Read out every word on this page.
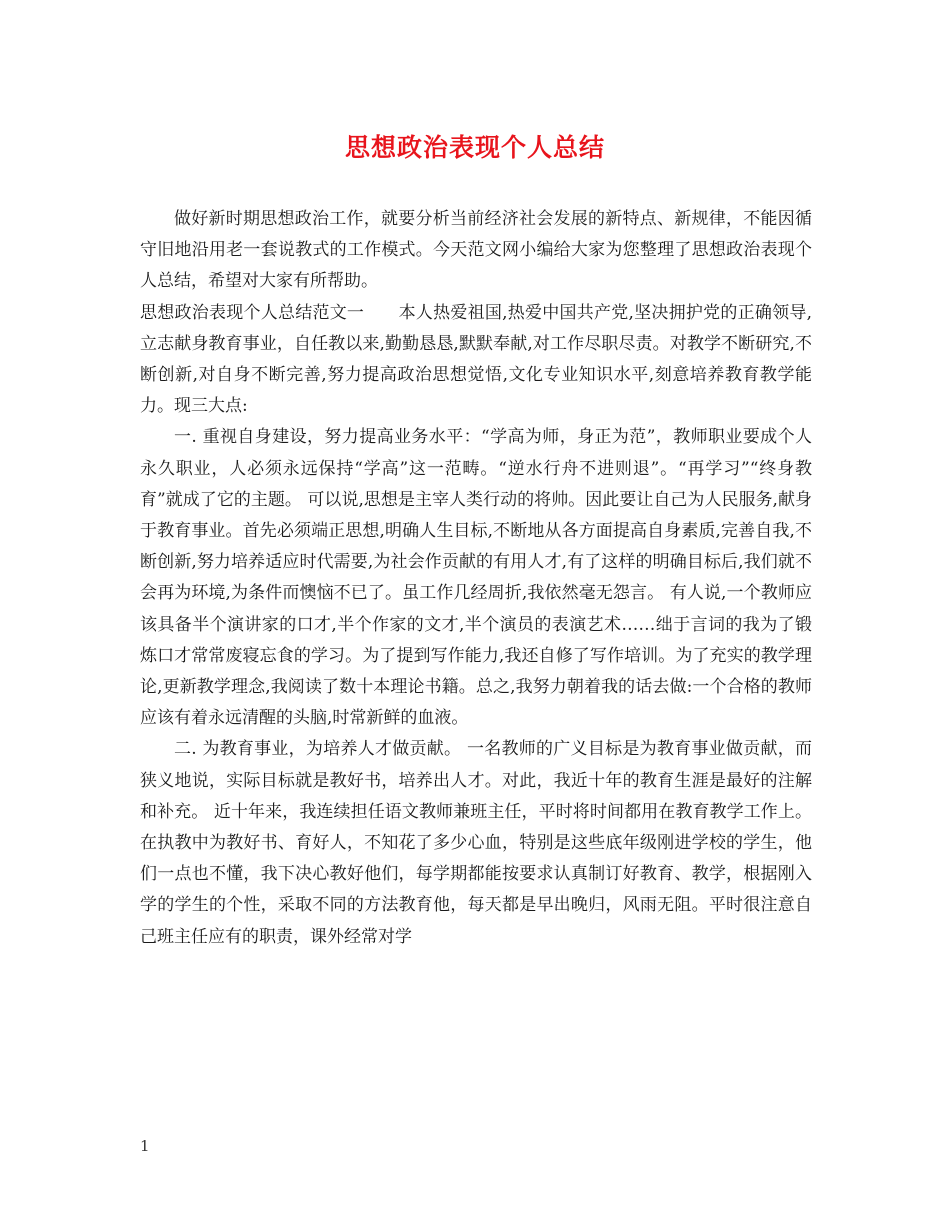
思想政治表现个人总结

做好新时期思想政治工作，就要分析当前经济社会发展的新特点、新规律，不能因循守旧地沿用老一套说教式的工作模式。今天范文网小编给大家为您整理了思想政治表现个人总结，希望对大家有所帮助。

思想政治表现个人总结范文一　　本人热爱祖国,热爱中国共产党,坚决拥护党的正确领导,立志献身教育事业，自任教以来,勤勤恳恳,默默奉献,对工作尽职尽责。对教学不断研究,不断创新,对自身不断完善,努力提高政治思想觉悟,文化专业知识水平,刻意培养教育教学能力。现三大点:

一. 重视自身建设，努力提高业务水平：“学高为师，身正为范”，教师职业要成个人永久职业，人必须永远保持“学高”这一范畴。“逆水行舟不进则退”。“再学习”“终身教育”就成了它的主题。 可以说,思想是主宰人类行动的将帅。因此要让自己为人民服务,献身于教育事业。首先必须端正思想,明确人生目标,不断地从各方面提高自身素质,完善自我,不断创新,努力培养适应时代需要,为社会作贡献的有用人才,有了这样的明确目标后,我们就不会再为环境,为条件而懊恼不已了。虽工作几经周折,我依然毫无怨言。 有人说,一个教师应该具备半个演讲家的口才,半个作家的文才,半个演员的表演艺术……绌于言词的我为了锻炼口才常常废寝忘食的学习。为了提到写作能力,我还自修了写作培训。为了充实的教学理论,更新教学理念,我阅读了数十本理论书籍。总之,我努力朝着我的话去做:一个合格的教师应该有着永远清醒的头脑,时常新鲜的血液。

二. 为教育事业，为培养人才做贡献。 一名教师的广义目标是为教育事业做贡献，而狭义地说，实际目标就是教好书，培养出人才。对此，我近十年的教育生涯是最好的注解和补充。 近十年来，我连续担任语文教师兼班主任，平时将时间都用在教育教学工作上。在执教中为教好书、育好人，不知花了多少心血，特别是这些底年级刚进学校的学生，他们一点也不懂，我下决心教好他们，每学期都能按要求认真制订好教育、教学，根据刚入学的学生的个性，采取不同的方法教育他，每天都是早出晚归，风雨无阻。平时很注意自己班主任应有的职责，课外经常对学

1
